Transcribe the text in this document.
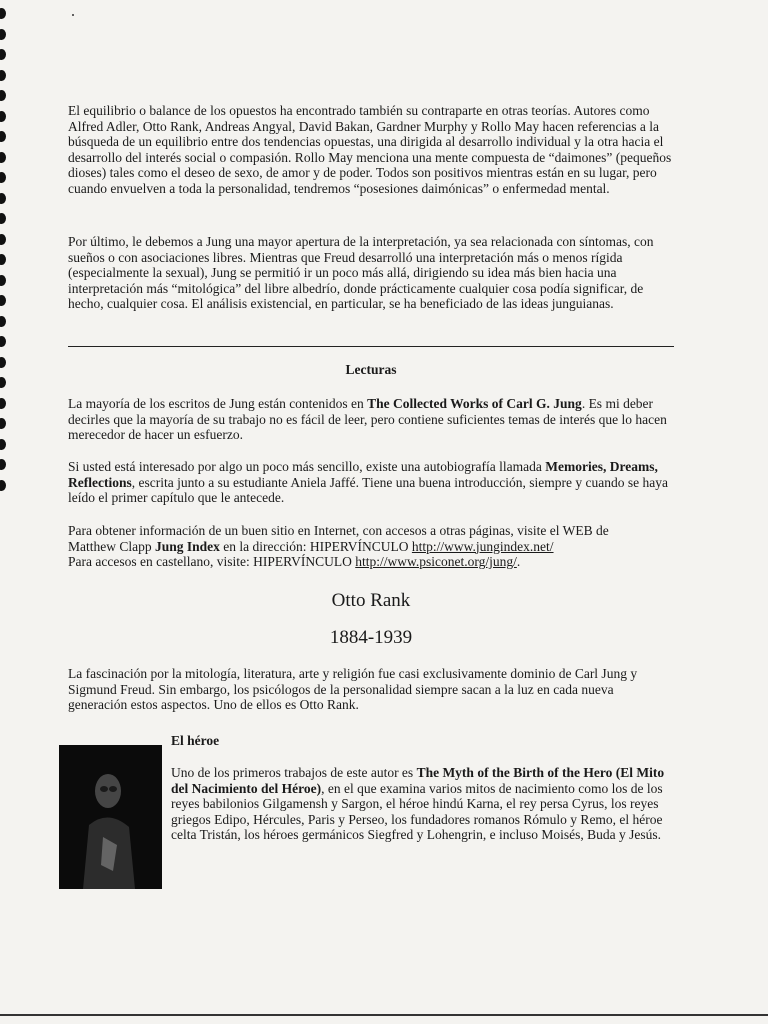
El equilibrio o balance de los opuestos ha encontrado también su contraparte en otras teorías. Autores como Alfred Adler, Otto Rank, Andreas Angyal, David Bakan, Gardner Murphy y Rollo May hacen referencias a la búsqueda de un equilibrio entre dos tendencias opuestas, una dirigida al desarrollo individual y la otra hacia el desarrollo del interés social o compasión. Rollo May menciona una mente compuesta de “daimones” (pequeños dioses) tales como el deseo de sexo, de amor y de poder. Todos son positivos mientras están en su lugar, pero cuando envuelven a toda la personalidad, tendremos “posesiones daimónicas” o enfermedad mental.

Por último, le debemos a Jung una mayor apertura de la interpretación, ya sea relacionada con síntomas, con sueños o con asociaciones libres. Mientras que Freud desarrolló una interpretación más o menos rígida (especialmente la sexual), Jung se permitió ir un poco más allá, dirigiendo su idea más bien hacia una interpretación más “mitológica” del libre albedrío, donde prácticamente cualquier cosa podía significar, de hecho, cualquier cosa. El análisis existencial, en particular, se ha beneficiado de las ideas junguianas.

Lecturas

La mayoría de los escritos de Jung están contenidos en The Collected Works of Carl G. Jung. Es mi deber decirles que la mayoría de su trabajo no es fácil de leer, pero contiene suficientes temas de interés que lo hacen merecedor de hacer un esfuerzo.

Si usted está interesado por algo un poco más sencillo, existe una autobiografía llamada Memories, Dreams, Reflections, escrita junto a su estudiante Aniela Jaffé. Tiene una buena introducción, siempre y cuando se haya leído el primer capítulo que le antecede.

Para obtener información de un buen sitio en Internet, con accesos a otras páginas, visite el WEB de
Matthew Clapp Jung Index en la dirección: HIPERVÍNCULO http://www.jungindex.net/
Para accesos en castellano, visite: HIPERVÍNCULO http://www.psiconet.org/jung/.

Otto Rank

1884-1939

La fascinación por la mitología, literatura, arte y religión fue casi exclusivamente dominio de Carl Jung y Sigmund Freud. Sin embargo, los psicólogos de la personalidad siempre sacan a la luz en cada nueva generación estos aspectos. Uno de ellos es Otto Rank.

El héroe

Uno de los primeros trabajos de este autor es The Myth of the Birth of the Hero (El Mito del Nacimiento del Héroe), en el que examina varios mitos de nacimiento como los de los reyes babilonios Gilgamensh y Sargon, el héroe hindú Karna, el rey persa Cyrus, los reyes griegos Edipo, Hércules, Paris y Perseo, los fundadores romanos Rómulo y Remo, el héroe celta Tristán, los héroes germánicos Siegfred y Lohengrin, e incluso Moisés, Buda y Jesús.
